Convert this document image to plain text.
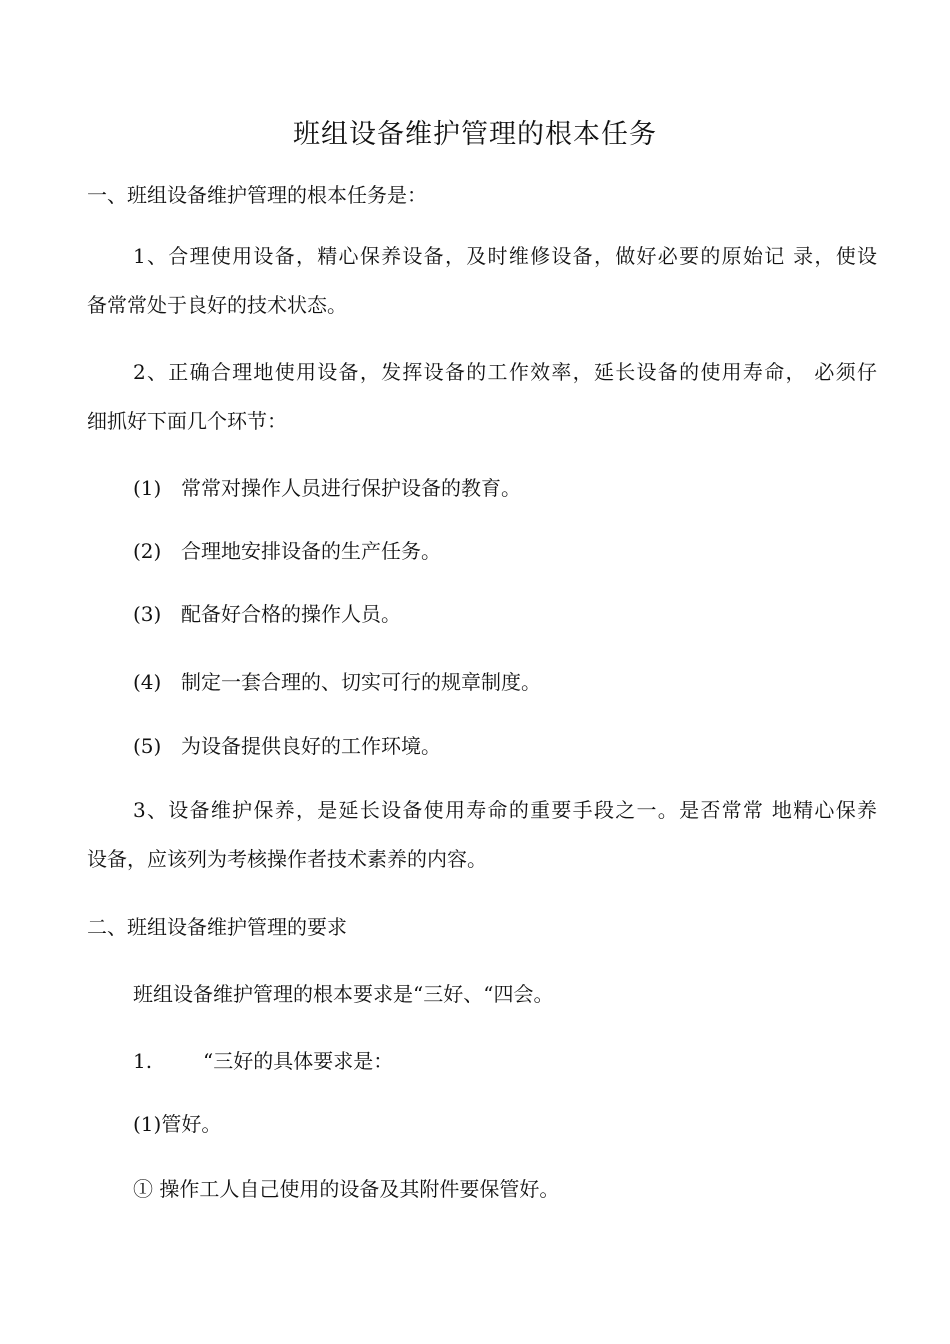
班组设备维护管理的根本任务
一、班组设备维护管理的根本任务是：
1、合理使用设备，精心保养设备，及时维修设备，做好必要的原始记 录，使设
备常常处于良好的技术状态。
2、正确合理地使用设备，发挥设备的工作效率，延长设备的使用寿命， 必须仔
细抓好下面几个环节：
(1) 常常对操作人员进行保护设备的教育。
(2) 合理地安排设备的生产任务。
(3) 配备好合格的操作人员。
(4) 制定一套合理的、切实可行的规章制度。
(5) 为设备提供良好的工作环境。
3、设备维护保养，是延长设备使用寿命的重要手段之一。是否常常 地精心保养
设备，应该列为考核操作者技术素养的内容。
二、班组设备维护管理的要求
班组设备维护管理的根本要求是“三好、“四会。
1.	“三好的具体要求是：
(1)管好。
① 操作工人自己使用的设备及其附件要保管好。
